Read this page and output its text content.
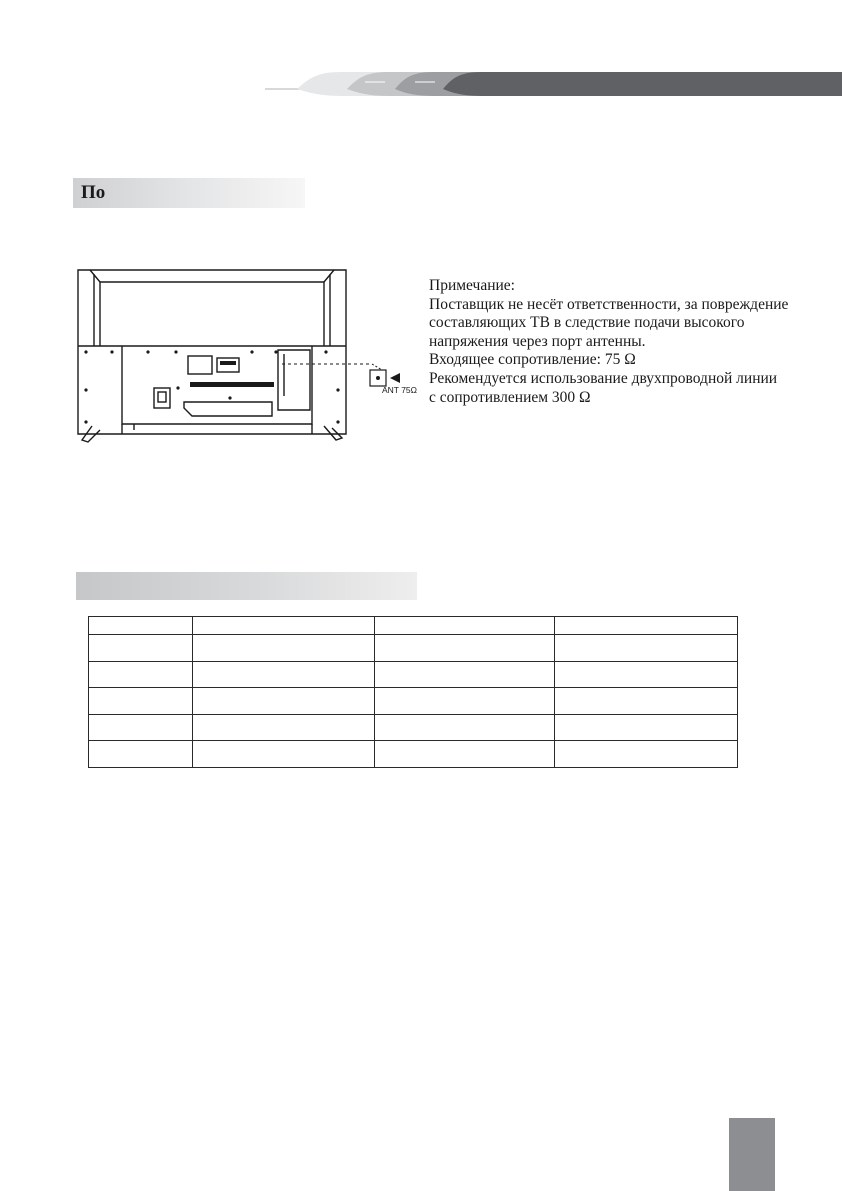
По
ANT 75Ω
Примечание:
Поставщик не несёт ответственности, за повреждение
составляющих ТВ в следствие подачи высокого
напряжения через порт антенны.
Входящее сопротивление: 75 Ω
Рекомендуется использование двухпроводной линии
с сопротивлением 300 Ω
